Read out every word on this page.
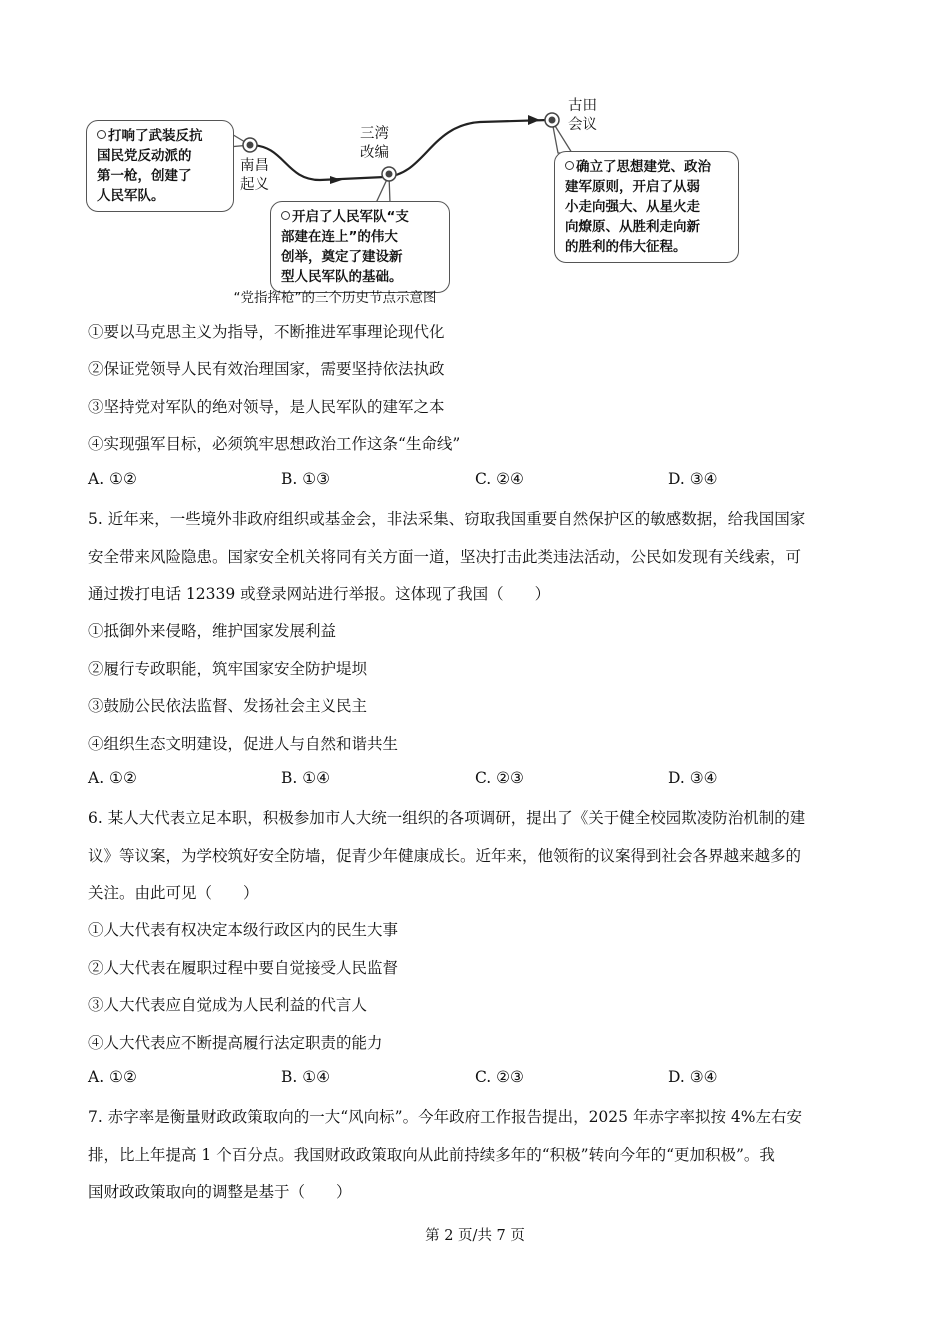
打响了武装反抗
国民党反动派的
第一枪，创建了
人民军队。
南昌
起义
三湾
改编
开启了人民军队“支
部建在连上”的伟大
创举，奠定了建设新
型人民军队的基础。
古田
会议
确立了思想建党、政治
建军原则，开启了从弱
小走向强大、从星火走
向燎原、从胜利走向新
的胜利的伟大征程。
“党指挥枪”的三个历史节点示意图
①要以马克思主义为指导，不断推进军事理论现代化
②保证党领导人民有效治理国家，需要坚持依法执政
③坚持党对军队的绝对领导，是人民军队的建军之本
④实现强军目标，必须筑牢思想政治工作这条“生命线”
A. ①②	B. ①③	C. ②④	D. ③④
5. 近年来，一些境外非政府组织或基金会，非法采集、窃取我国重要自然保护区的敏感数据，给我国国家
安全带来风险隐患。国家安全机关将同有关方面一道，坚决打击此类违法活动，公民如发现有关线索，可
通过拨打电话 12339 或登录网站进行举报。这体现了我国（　　）
①抵御外来侵略，维护国家发展利益
②履行专政职能，筑牢国家安全防护堤坝
③鼓励公民依法监督、发扬社会主义民主
④组织生态文明建设，促进人与自然和谐共生
A. ①②	B. ①④	C. ②③	D. ③④
6. 某人大代表立足本职，积极参加市人大统一组织的各项调研，提出了《关于健全校园欺凌防治机制的建
议》等议案，为学校筑好安全防墙，促青少年健康成长。近年来，他领衔的议案得到社会各界越来越多的
关注。由此可见（　　）
①人大代表有权决定本级行政区内的民生大事
②人大代表在履职过程中要自觉接受人民监督
③人大代表应自觉成为人民利益的代言人
④人大代表应不断提高履行法定职责的能力
A. ①②	B. ①④	C. ②③	D. ③④
7. 赤字率是衡量财政政策取向的一大“风向标”。今年政府工作报告提出，2025 年赤字率拟按 4%左右安
排，比上年提高 1 个百分点。我国财政政策取向从此前持续多年的“积极”转向今年的“更加积极”。我
国财政政策取向的调整是基于（　　）
第 2 页/共 7 页
